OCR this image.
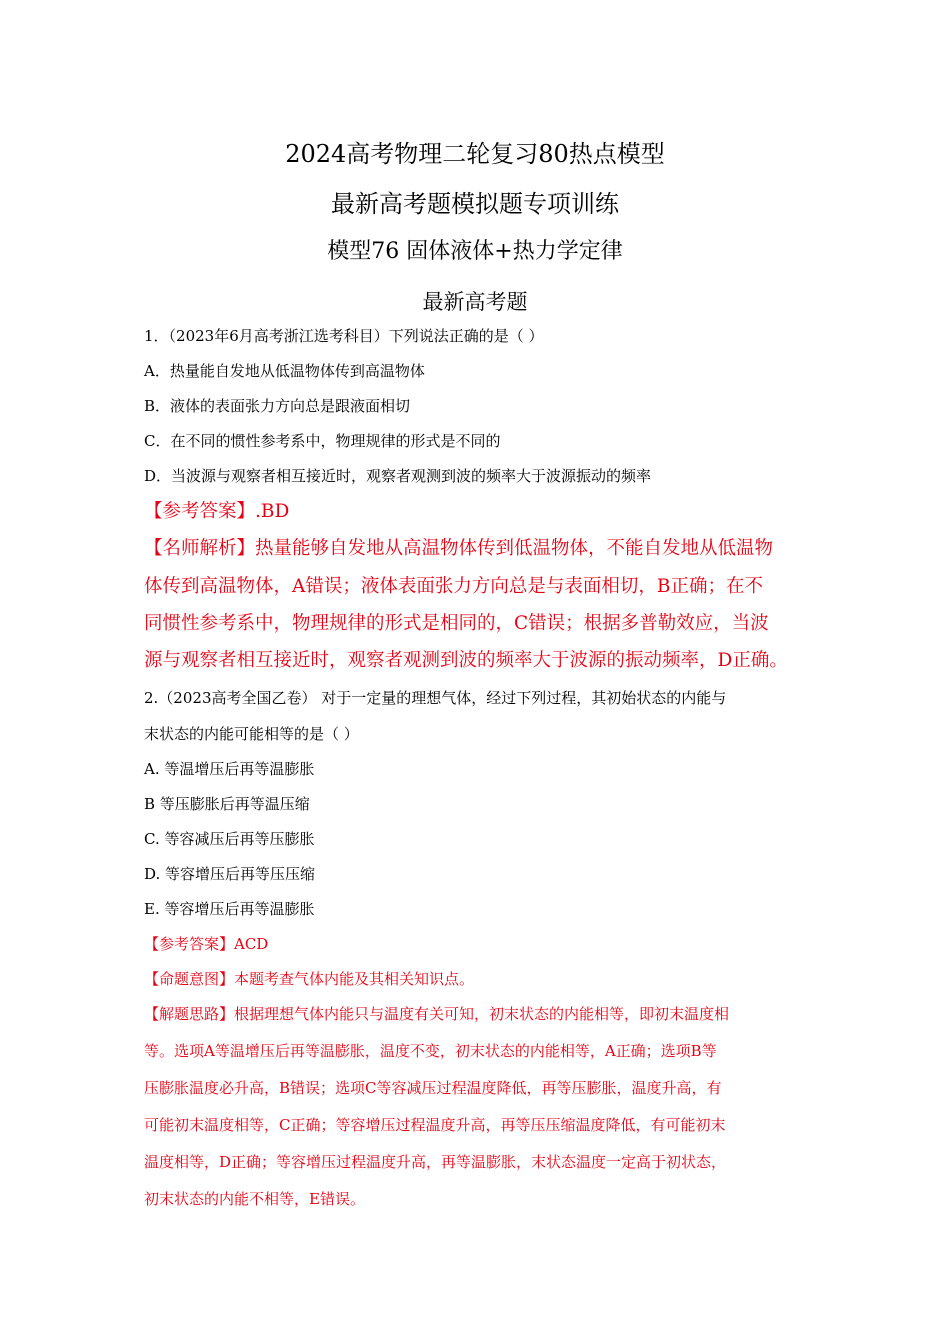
2024高考物理二轮复习80热点模型
最新高考题模拟题专项训练
模型76 固体液体+热力学定律
最新高考题
1．（2023年6月高考浙江选考科目）下列说法正确的是（ ）
A．热量能自发地从低温物体传到高温物体
B．液体的表面张力方向总是跟液面相切
C．在不同的惯性参考系中，物理规律的形式是不同的
D．当波源与观察者相互接近时，观察者观测到波的频率大于波源振动的频率
【参考答案】.BD
【名师解析】热量能够自发地从高温物体传到低温物体，不能自发地从低温物
体传到高温物体，A错误；液体表面张力方向总是与表面相切，B正确；在不
同惯性参考系中，物理规律的形式是相同的，C错误；根据多普勒效应，当波
源与观察者相互接近时，观察者观测到波的频率大于波源的振动频率，D正确。
2.（2023高考全国乙卷） 对于一定量的理想气体，经过下列过程，其初始状态的内能与
末状态的内能可能相等的是（ ）
A. 等温增压后再等温膨胀
B 等压膨胀后再等温压缩
C. 等容减压后再等压膨胀
D. 等容增压后再等压压缩
E. 等容增压后再等温膨胀
【参考答案】ACD
【命题意图】本题考查气体内能及其相关知识点。
【解题思路】根据理想气体内能只与温度有关可知，初末状态的内能相等，即初末温度相
等。选项A等温增压后再等温膨胀，温度不变，初末状态的内能相等，A正确；选项B等
压膨胀温度必升高，B错误；选项C等容减压过程温度降低，再等压膨胀，温度升高，有
可能初末温度相等，C正确；等容增压过程温度升高，再等压压缩温度降低，有可能初末
温度相等，D正确；等容增压过程温度升高，再等温膨胀，末状态温度一定高于初状态，
初末状态的内能不相等，E错误。
